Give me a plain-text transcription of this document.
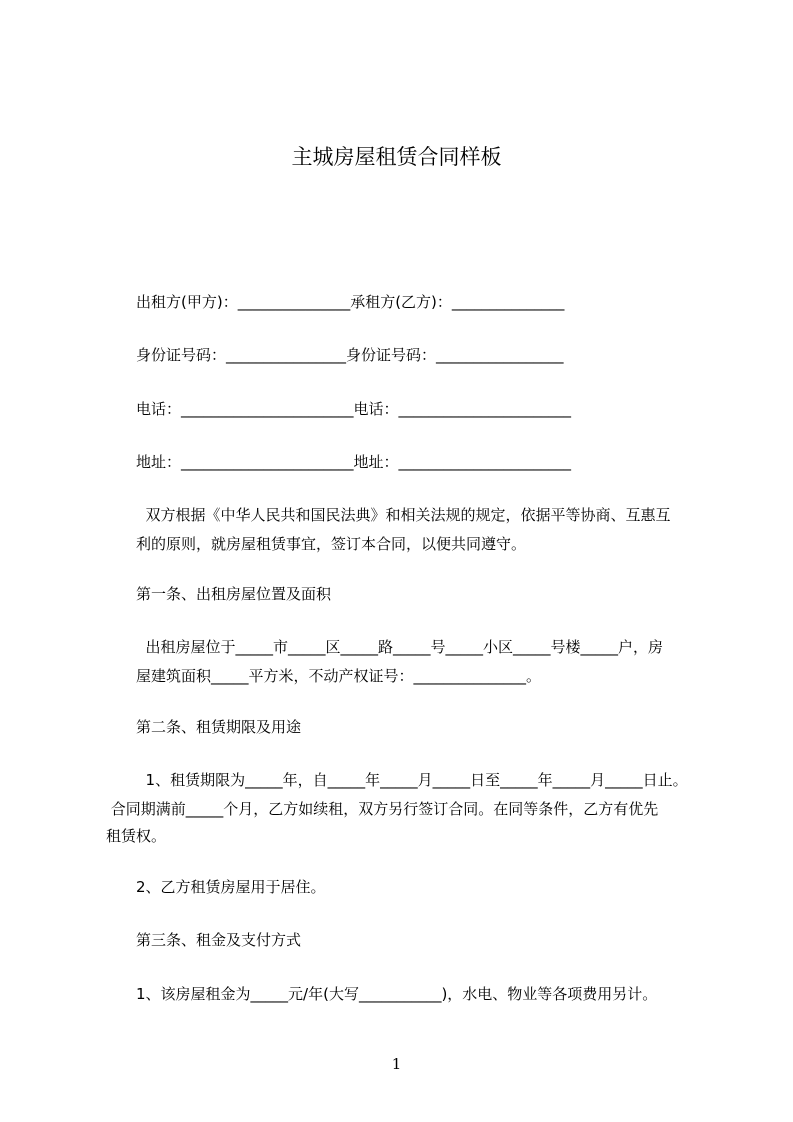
主城房屋租赁合同样板
出租方(甲方)：_______________承租方(乙方)：_______________
身份证号码：________________身份证号码：_________________
电话：_______________________电话：_______________________
地址：_______________________地址：_______________________
双方根据《中华人民共和国民法典》和相关法规的规定，依据平等协商、互惠互
利的原则，就房屋租赁事宜，签订本合同，以便共同遵守。
第一条、出租房屋位置及面积
出租房屋位于_____市_____区_____路_____号_____小区_____号楼_____户，房
屋建筑面积_____平方米，不动产权证号：_______________。
第二条、租赁期限及用途
1、租赁期限为_____年，自_____年_____月_____日至_____年_____月_____日止。
合同期满前_____个月，乙方如续租，双方另行签订合同。在同等条件，乙方有优先
租赁权。
2、乙方租赁房屋用于居住。
第三条、租金及支付方式
1、该房屋租金为_____元/年(大写___________)，水电、物业等各项费用另计。
1
